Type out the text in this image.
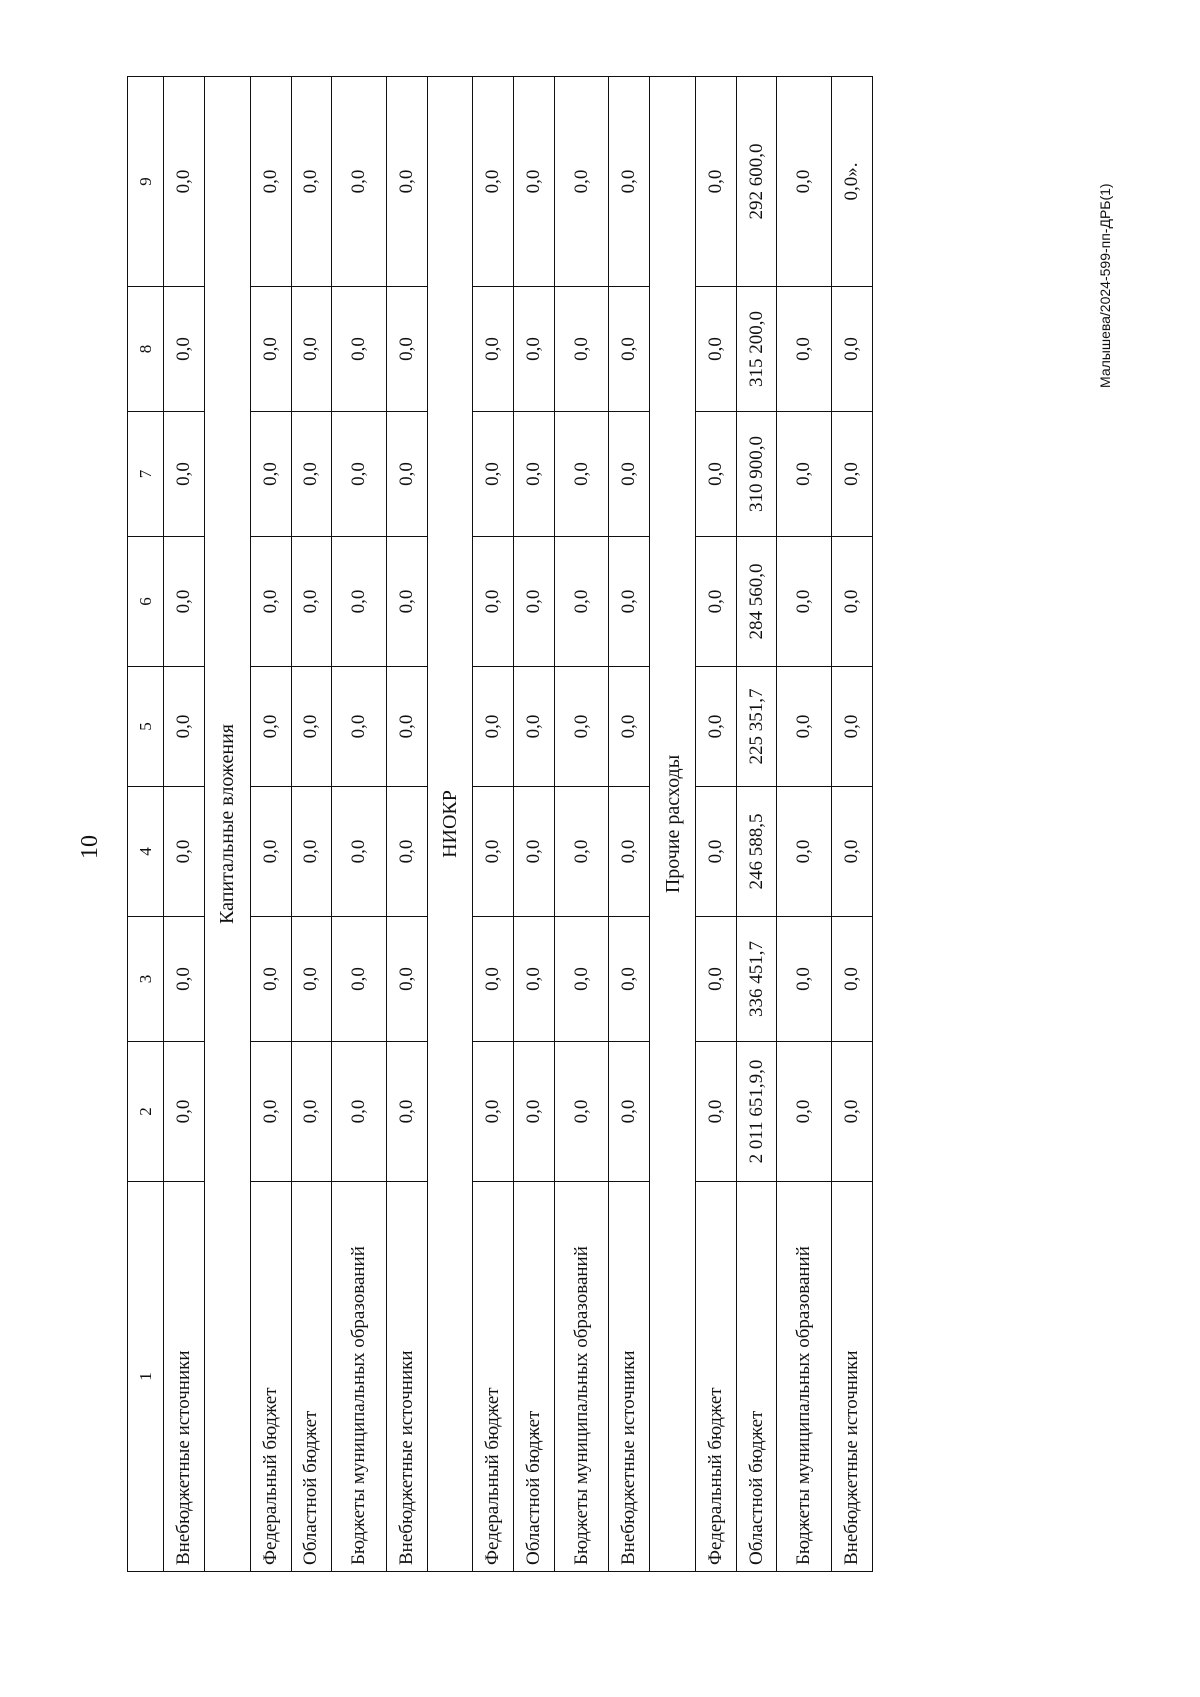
10
Малышева/2024-599-пп-ДРБ(1)
1	2	3	4	5	6	7	8	9
Внебюджетные источники	0,0	0,0	0,0	0,0	0,0	0,0	0,0	0,0
Капитальные вложения								
Федеральный бюджет	0,0	0,0	0,0	0,0	0,0	0,0	0,0	0,0
Областной бюджет	0,0	0,0	0,0	0,0	0,0	0,0	0,0	0,0
Бюджеты муниципальных образований	0,0	0,0	0,0	0,0	0,0	0,0	0,0	0,0
Внебюджетные источники	0,0	0,0	0,0	0,0	0,0	0,0	0,0	0,0
НИОКР								
Федеральный бюджет	0,0	0,0	0,0	0,0	0,0	0,0	0,0	0,0
Областной бюджет	0,0	0,0	0,0	0,0	0,0	0,0	0,0	0,0
Бюджеты муниципальных образований	0,0	0,0	0,0	0,0	0,0	0,0	0,0	0,0
Внебюджетные источники	0,0	0,0	0,0	0,0	0,0	0,0	0,0	0,0
Прочие расходы								
Федеральный бюджет	0,0	0,0	0,0	0,0	0,0	0,0	0,0	0,0
Областной бюджет	2 011 651,9,0	336 451,7	246 588,5	225 351,7	284 560,0	310 900,0	315 200,0	292 600,0
Бюджеты муниципальных образований	0,0	0,0	0,0	0,0	0,0	0,0	0,0	0,0
Внебюджетные источники	0,0	0,0	0,0	0,0	0,0	0,0	0,0	0,0».
